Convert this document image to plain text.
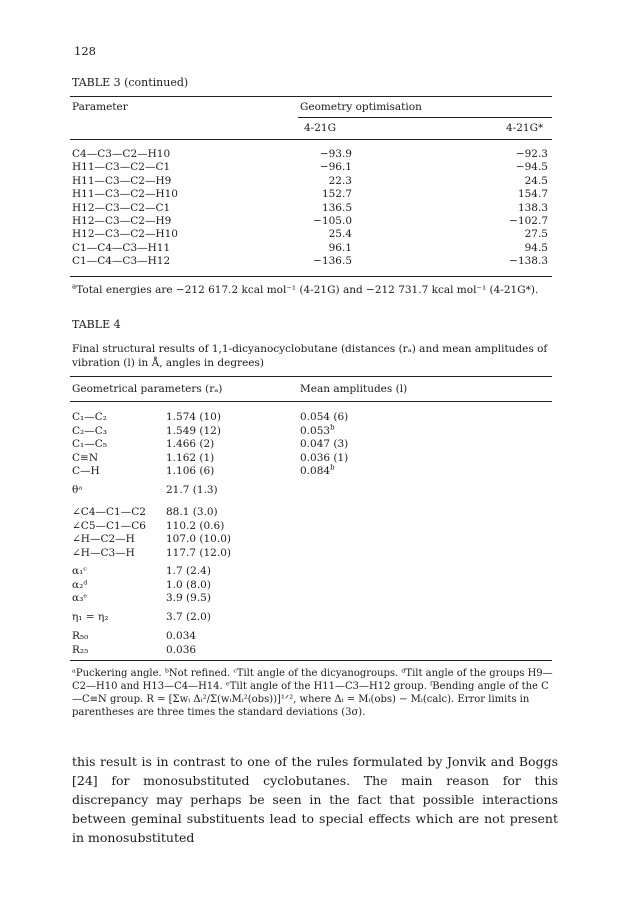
128
TABLE 3 (continued)
Parameter	Geometry optimisation
4-21G	4-21G*
C4—C3—C2—H10	−93.9	−92.3
H11—C3—C2—C1	−96.1	−94.5
H11—C3—C2—H9	22.3	24.5
H11—C3—C2—H10	152.7	154.7
H12—C3—C2—C1	136.5	138.3
H12—C3—C2—H9	−105.0	−102.7
H12—C3—C2—H10	25.4	27.5
C1—C4—C3—H11	96.1	94.5
C1—C4—C3—H12	−136.5	−138.3
$^a$Total energies are −212 617.2 kcal mol⁻¹ (4-21G) and −212 731.7 kcal mol⁻¹ (4-21G*).
TABLE 4
Final structural results of 1,1-dicyanocyclobutane (distances (rₐ) and mean amplitudes of vibration (l) in Å, angles in degrees)
Geometrical parameters (rₐ)	Mean amplitudes (l)
C₁—C₂	1.574 (10)	0.054 (6)
C₂—C₃	1.549 (12)	0.053$^b$
C₁—C₅	1.466 (2)	0.047 (3)
C≡N	1.162 (1)	0.036 (1)
C—H	1.106 (6)	0.084$^b$
θᵃ	21.7 (1.3)
∠C4—C1—C2 88.1 (3.0)
∠C5—C1—C6 110.2 (0.6)
∠H—C2—H	107.0 (10.0)
∠H—C3—H	117.7 (12.0)
α₁ᶜ	1.7 (2.4)
α₂ᵈ	1.0 (8.0)
α₃ᵉ	3.9 (9.5)
η₁ = η₂	3.7 (2.0)
R₅₀	0.034
R₂₅	0.036
ᵃPuckering angle. ᵇNot refined. ᶜTilt angle of the dicyanogroups. ᵈTilt angle of the groups H9—C2—H10 and H13—C4—H14. ᵉTilt angle of the H11—C3—H12 group. ᶠBending angle of the C—C≡N group. R = [Σwᵢ Δᵢ²/Σ(wᵢMᵢ²(obs))]¹ᐟ², where Δᵢ = Mᵢ(obs) − Mᵢ(calc). Error limits in parentheses are three times the standard deviations (3σ).
this result is in contrast to one of the rules formulated by Jonvik and Boggs [24] for monosubstituted cyclobutanes. The main reason for this discrepancy may perhaps be seen in the fact that possible interactions between geminal substituents lead to special effects which are not present in monosubstituted
